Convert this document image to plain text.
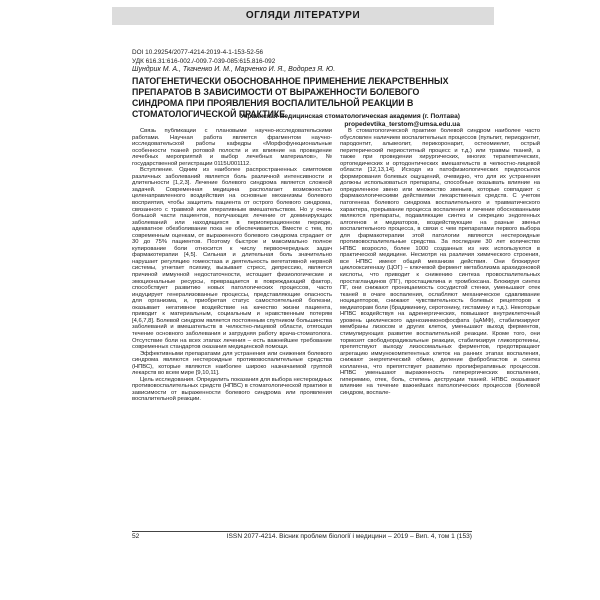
ОГЛЯДИ ЛІТЕРАТУРИ
DOI 10.29254/2077-4214-2019-4-1-153-52-56
УДК 616.31:616-002./-009.7-039-085:615.816-092
Шундрик М. А., Ткаченко И. М., Марченко И. Я., Водорез Я. Ю.
ПАТОГЕНЕТИЧЕСКИ ОБОСНОВАННОЕ ПРИМЕНЕНИЕ ЛЕКАРСТВЕННЫХ ПРЕПАРАТОВ В ЗАВИСИМОСТИ ОТ ВЫРАЖЕННОСТИ БОЛЕВОГО СИНДРОМА ПРИ ПРОЯВЛЕНИЯ ВОСПАЛИТЕЛЬНОЙ РЕАКЦИИ В СТОМАТОЛОГИЧЕСКОЙ ПРАКТИКЕ
Украинская медицинская стоматологическая академия (г. Полтава)
propedevtika_terstom@umsa.edu.ua

Связь публикации с плановыми научно-исследовательскими работами. Научная работа является фрагментом научно-исследовательской работы кафедры «Морфофункциональные особенности тканей ротовой полости и их влияние на проведение лечебных мероприятий и выбор лечебных материалов», № государственной регистрации 0115U001112.

Вступление. Одним из наиболее распространенных симптомов различных заболеваний является боль различной интенсивности и длительности [1,2,3]. Лечение болевого синдрома является сложной задачей. Современная медицина располагает возможностью целенаправленного воздействия на основные механизмы болевого восприятия, чтобы защитить пациента от острого болевого синдрома, связанного с травмой или оперативным вмешательством. Но у очень большой части пациентов, получающих лечение от доминирующих заболеваний или находящихся в периоперационном периоде, адекватное обезболивание пока не обеспечивается. Вместе с тем, по современным оценкам, от выраженного болевого синдрома страдает от 30 до 75% пациентов. Поэтому быстрое и максимально полное купирование боли относится к числу первоочередных задач фармакотерапии [4,5]. Сильная и длительная боль значительно нарушает регуляцию гомеостаза и деятельность вегетативной нервной системы, угнетает психику, вызывает стресс, депрессию, является причиной иммунной недостаточности, истощает физиологические и эмоциональные ресурсы, превращается в повреждающий фактор, способствует развитию новых патологических процессов, часто индуцирует генерализованные процессы, представляющие опасность для организма, и, приобретая статус самостоятельной болезни, оказывает негативное воздействие на качество жизни пациента, приводит к материальным, социальным и нравственным потерям [4,6,7,8]. Болевой синдром является постоянным спутником большинства заболеваний и вмешательств в челюстно-лицевой области, отягощая течение основного заболевания и затрудняя работу врача-стоматолога. Отсутствие боли на всех этапах лечения – есть важнейшее требование современных стандартов оказания медицинской помощи.

Эффективными препаратами для устранения или снижения болевого синдрома являются нестероидные противовоспалительные средства (НПВС), которые являются наиболее широко назначаемой группой лекарств во всем мире [9,10,11].

Цель исследования. Определить показания для выбора нестероидных противовоспалительных средств (НПВС) в стоматологической практике в зависимости от выраженности болевого синдрома или проявления воспалительной реакции.

В стоматологической практике болевой синдром наиболее часто обусловлен наличием воспалительных процессов (пульпит, периодонтит, пародонтит, альвеолит, перикоронарит, остеомиелит, острый перитерический периоститный процесс и т.д.) или травмы тканей, а также при проведении хирургических, многих терапевтических, ортопедических и ортодонтических вмешательств в челюстно-лицевой области [12,13,14]. Исходя из патофизиологических предпосылок формирования болевых ощущений, очевидно, что для их устранения должны использоваться препараты, способные оказывать влияние на определенное звено или множество звеньев, которые совпадают с фармакологическими действиями лекарственных средств. С учетом патогенеза болевого синдрома воспалительного и травматического характера, прерывание процесса воспаления и лечение обоснованными являются препараты, подавляющие синтез и секрецию эндогенных алгогенов и медиаторов, воздействующие на разные звенья воспалительного процесса, в связи с чем препаратами первого выбора для фармакотерапии этой патологии являются нестероидные противовоспалительные средства. За последние 30 лет количество НПВС возросло, более 1000 созданных из них используются в практической медицине. Несмотря на различия химического строения, все НПВС имеют общий механизм действия. Они блокируют циклооксигеназу (ЦОГ) – ключевой фермент метаболизма арахидоновой кислоты, что приводит к снижению синтеза провоспалительных простагландинов (ПГ), простациклина и тромбоксана. Блокируя синтез ПГ, они снижают проницаемость сосудистой стенки, уменьшают отек тканей в очаге воспаления, ослабляют механическое сдавливание ноцицепторов, снижают чувствительность болевых рецепторов к медиаторам боли (брадикинину, серотонину, гистамину и т.д.). Некоторые НПВС воздействуя на адренергических, повышают внутриклеточный уровень циклического аденозинмонофосфата (цАМФ), стабилизируют мембраны лизосом и других клеток, уменьшают выход ферментов, стимулирующих развитие воспалительной реакции. Кроме того, они тормозят свободнорадикальные реакции, стабилизируя гликопротеины, препятствуют выходу лизосомальных ферментов, предотвращают агрегацию иммунокомпетентных клеток на ранних этапах воспаления, снижают энергетический обмен, деление фибробластов и синтез коллагена, что препятствует развитию пролиферативных процессов. НПВС уменьшают выраженность гиперергических воспаления, гиперемию, отек, боль, степень деструкции тканей. НПВС оказывают влияние на течение важнейших патологических процессов (болевой синдром, воспале-

52	ISSN 2077-4214. Вісник проблем біології і медицини – 2019 – Вип. 4, том 1 (153)
